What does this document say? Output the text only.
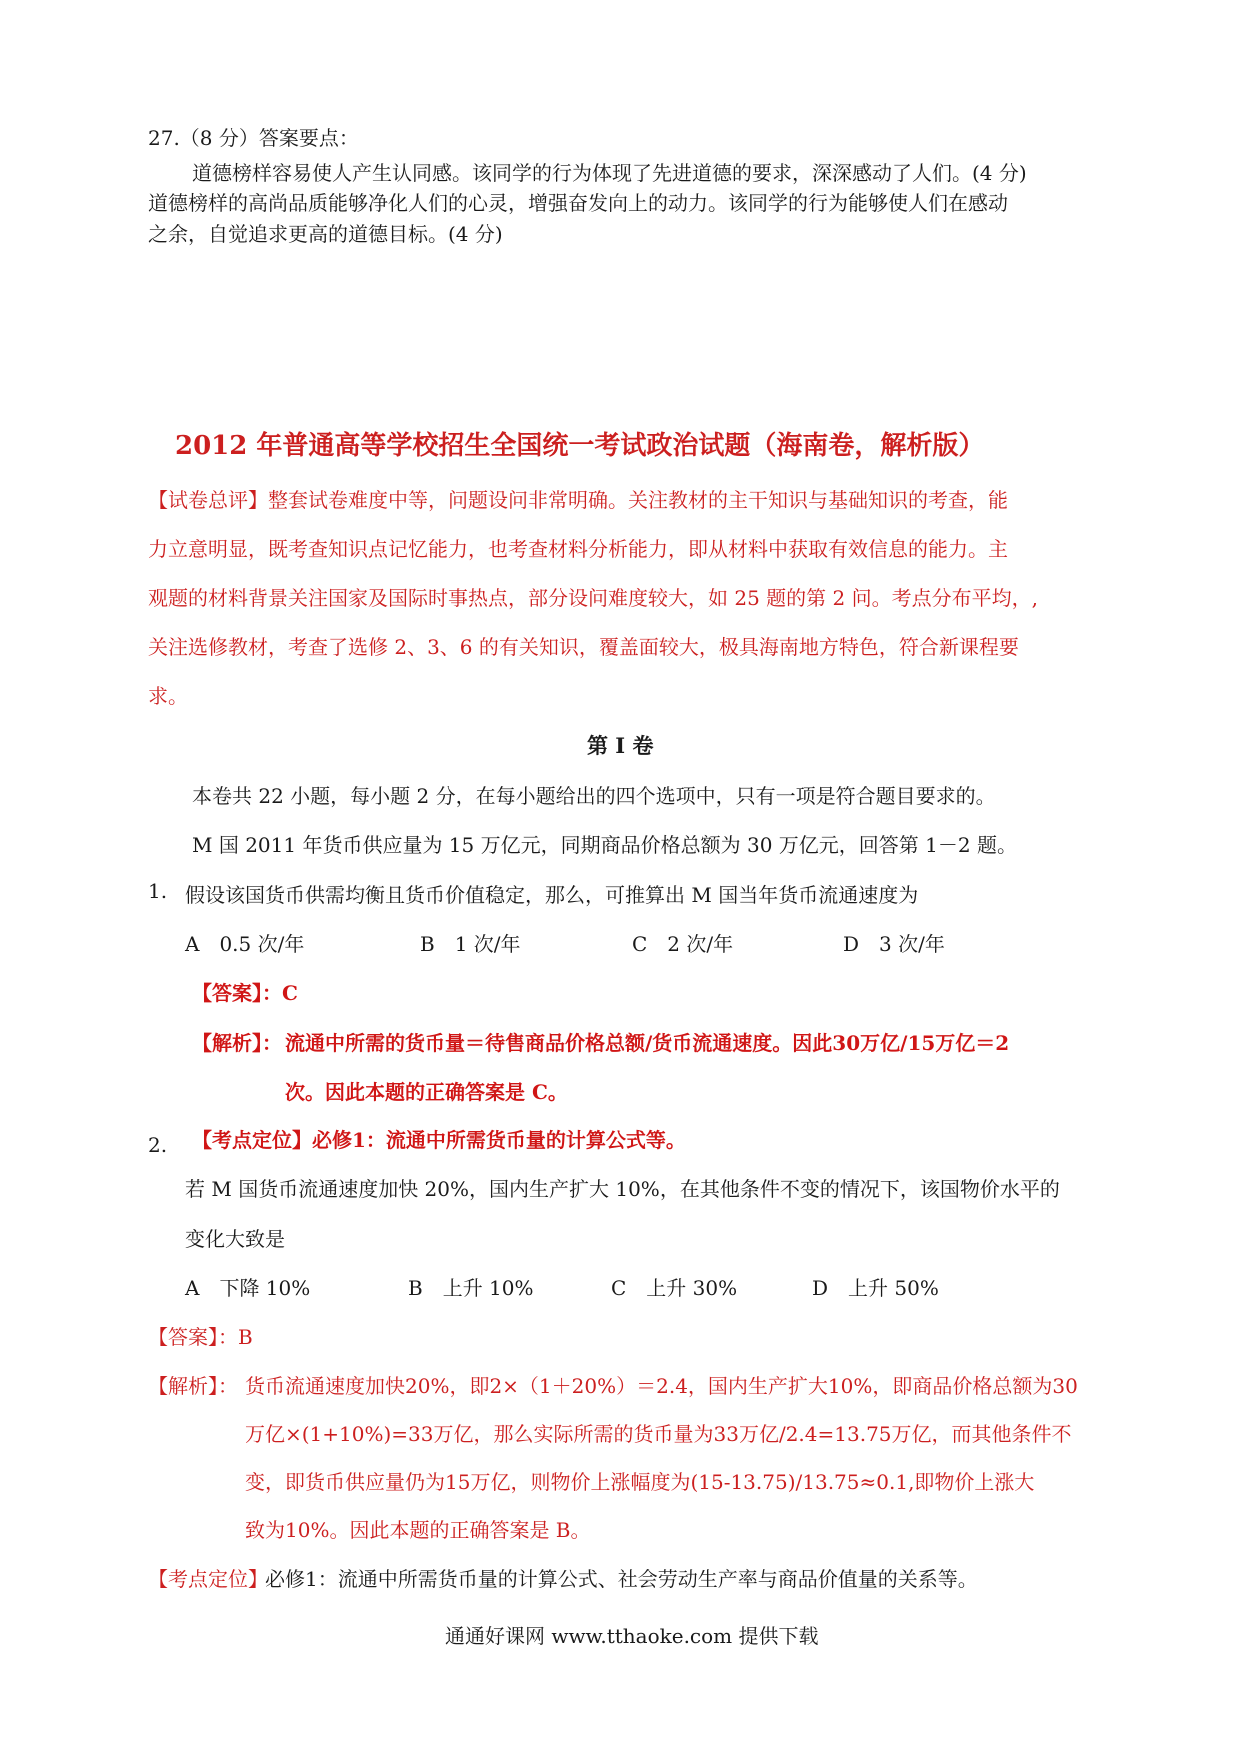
27.（8 分）答案要点：
道德榜样容易使人产生认同感。该同学的行为体现了先进道德的要求，深深感动了人们。(4 分)
道德榜样的高尚品质能够净化人们的心灵，增强奋发向上的动力。该同学的行为能够使人们在感动
之余，自觉追求更高的道德目标。(4 分)
2012 年普通高等学校招生全国统一考试政治试题（海南卷，解析版）
【试卷总评】整套试卷难度中等，问题设问非常明确。关注教材的主干知识与基础知识的考查，能
力立意明显，既考查知识点记忆能力，也考查材料分析能力，即从材料中获取有效信息的能力。主
观题的材料背景关注国家及国际时事热点，部分设问难度较大，如 25 题的第 2 问。考点分布平均，,
关注选修教材，考查了选修 2、3、6 的有关知识，覆盖面较大，极具海南地方特色，符合新课程要
求。
第 I 卷
本卷共 22 小题，每小题 2 分，在每小题给出的四个选项中，只有一项是符合题目要求的。
M 国 2011 年货币供应量为 15 万亿元，同期商品价格总额为 30 万亿元，回答第 1－2 题。
1. 假设该国货币供需均衡且货币价值稳定，那么，可推算出 M 国当年货币流通速度为
A　0.5 次/年	B　1 次/年	C　2 次/年	D　3 次/年
【答案】：C
【解析】： 流通中所需的货币量＝待售商品价格总额/货币流通速度。因此30万亿/15万亿＝2
次。因此本题的正确答案是 C。
2. 【考点定位】必修1：流通中所需货币量的计算公式等。
若 M 国货币流通速度加快 20%，国内生产扩大 10%，在其他条件不变的情况下，该国物价水平的
变化大致是
A　下降 10%	B　上升 10%	C　上升 30%	D　上升 50%
【答案】：B
【解析】： 货币流通速度加快20%，即2×（1＋20%）＝2.4，国内生产扩大10%，即商品价格总额为30
万亿×(1+10%)=33万亿，那么实际所需的货币量为33万亿/2.4=13.75万亿，而其他条件不
变，即货币供应量仍为15万亿，则物价上涨幅度为(15-13.75)/13.75≈0.1,即物价上涨大
致为10%。因此本题的正确答案是 B。
【考点定位】
必修1：流通中所需货币量的计算公式、社会劳动生产率与商品价值量的关系等。
通通好课网 www.tthaoke.com 提供下载
